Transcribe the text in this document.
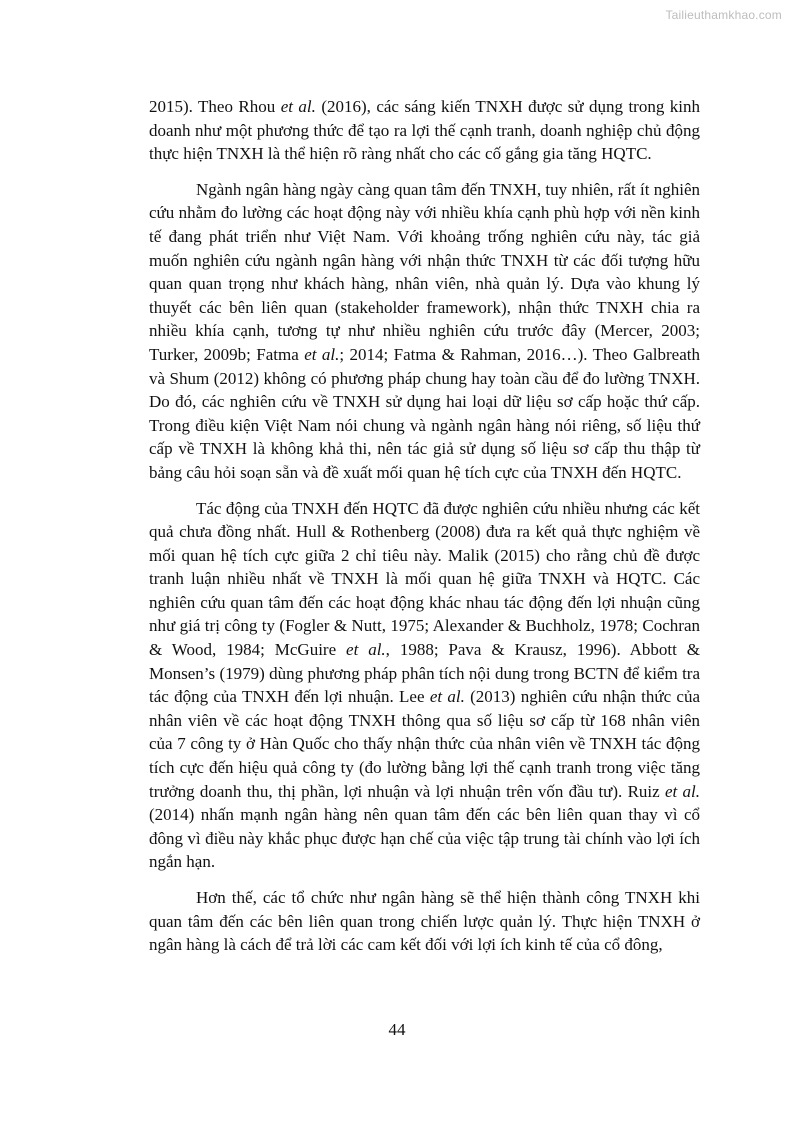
Tailieuthamkhao.com

2015). Theo Rhou et al. (2016), các sáng kiến TNXH được sử dụng trong kinh doanh như một phương thức để tạo ra lợi thế cạnh tranh, doanh nghiệp chủ động thực hiện TNXH là thể hiện rõ ràng nhất cho các cố gắng gia tăng HQTC.

Ngành ngân hàng ngày càng quan tâm đến TNXH, tuy nhiên, rất ít nghiên cứu nhằm đo lường các hoạt động này với nhiều khía cạnh phù hợp với nền kinh tế đang phát triển như Việt Nam. Với khoảng trống nghiên cứu này, tác giả muốn nghiên cứu ngành ngân hàng với nhận thức TNXH từ các đối tượng hữu quan quan trọng như khách hàng, nhân viên, nhà quản lý. Dựa vào khung lý thuyết các bên liên quan (stakeholder framework), nhận thức TNXH chia ra nhiều khía cạnh, tương tự như nhiều nghiên cứu trước đây (Mercer, 2003; Turker, 2009b; Fatma et al.; 2014; Fatma & Rahman, 2016…). Theo Galbreath và Shum (2012) không có phương pháp chung hay toàn cầu để đo lường TNXH. Do đó, các nghiên cứu về TNXH sử dụng hai loại dữ liệu sơ cấp hoặc thứ cấp. Trong điều kiện Việt Nam nói chung và ngành ngân hàng nói riêng, số liệu thứ cấp về TNXH là không khả thi, nên tác giả sử dụng số liệu sơ cấp thu thập từ bảng câu hỏi soạn sẵn và đề xuất mối quan hệ tích cực của TNXH đến HQTC.

Tác động của TNXH đến HQTC đã được nghiên cứu nhiều nhưng các kết quả chưa đồng nhất. Hull & Rothenberg (2008) đưa ra kết quả thực nghiệm về mối quan hệ tích cực giữa 2 chỉ tiêu này. Malik (2015) cho rằng chủ đề được tranh luận nhiều nhất về TNXH là mối quan hệ giữa TNXH và HQTC. Các nghiên cứu quan tâm đến các hoạt động khác nhau tác động đến lợi nhuận cũng như giá trị công ty (Fogler & Nutt, 1975; Alexander & Buchholz, 1978; Cochran & Wood, 1984; McGuire et al., 1988; Pava & Krausz, 1996). Abbott & Monsen’s (1979) dùng phương pháp phân tích nội dung trong BCTN để kiểm tra tác động của TNXH đến lợi nhuận. Lee et al. (2013) nghiên cứu nhận thức của nhân viên về các hoạt động TNXH thông qua số liệu sơ cấp từ 168 nhân viên của 7 công ty ở Hàn Quốc cho thấy nhận thức của nhân viên về TNXH tác động tích cực đến hiệu quả công ty (đo lường bằng lợi thế cạnh tranh trong việc tăng trưởng doanh thu, thị phần, lợi nhuận và lợi nhuận trên vốn đầu tư). Ruiz et al. (2014) nhấn mạnh ngân hàng nên quan tâm đến các bên liên quan thay vì cổ đông vì điều này khắc phục được hạn chế của việc tập trung tài chính vào lợi ích ngắn hạn.

Hơn thế, các tổ chức như ngân hàng sẽ thể hiện thành công TNXH khi quan tâm đến các bên liên quan trong chiến lược quản lý. Thực hiện TNXH ở ngân hàng là cách để trả lời các cam kết đối với lợi ích kinh tế của cổ đông,

44
